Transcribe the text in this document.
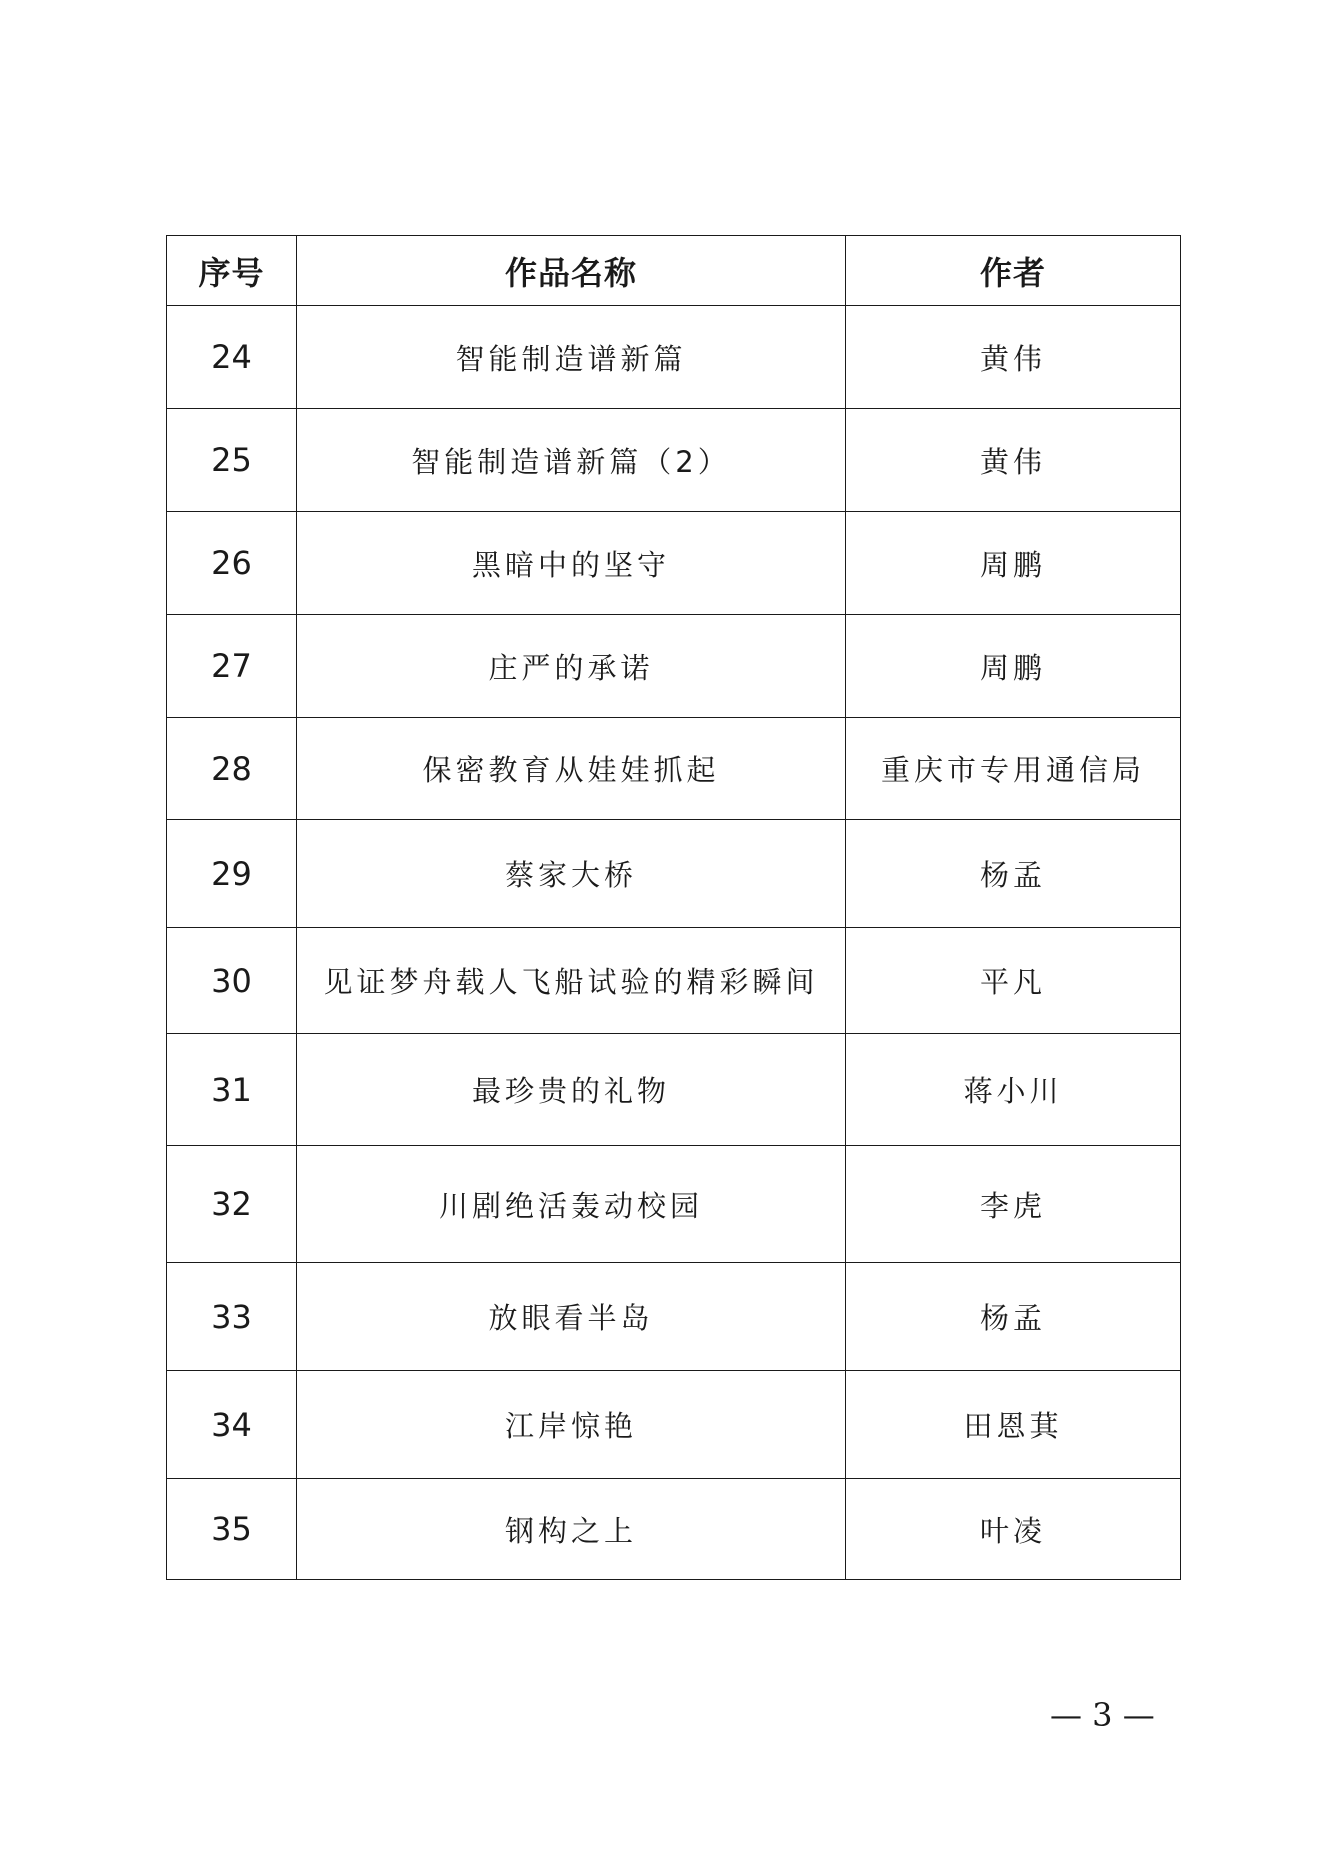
序号	作品名称	作者
24	智能制造谱新篇	黄伟
25	智能制造谱新篇（2）	黄伟
26	黑暗中的坚守	周鹏
27	庄严的承诺	周鹏
28	保密教育从娃娃抓起	重庆市专用通信局
29	蔡家大桥	杨孟
30	见证梦舟载人飞船试验的精彩瞬间	平凡
31	最珍贵的礼物	蒋小川
32	川剧绝活轰动校园	李虎
33	放眼看半岛	杨孟
34	江岸惊艳	田恩萁
35	钢构之上	叶凌
— 3 —
